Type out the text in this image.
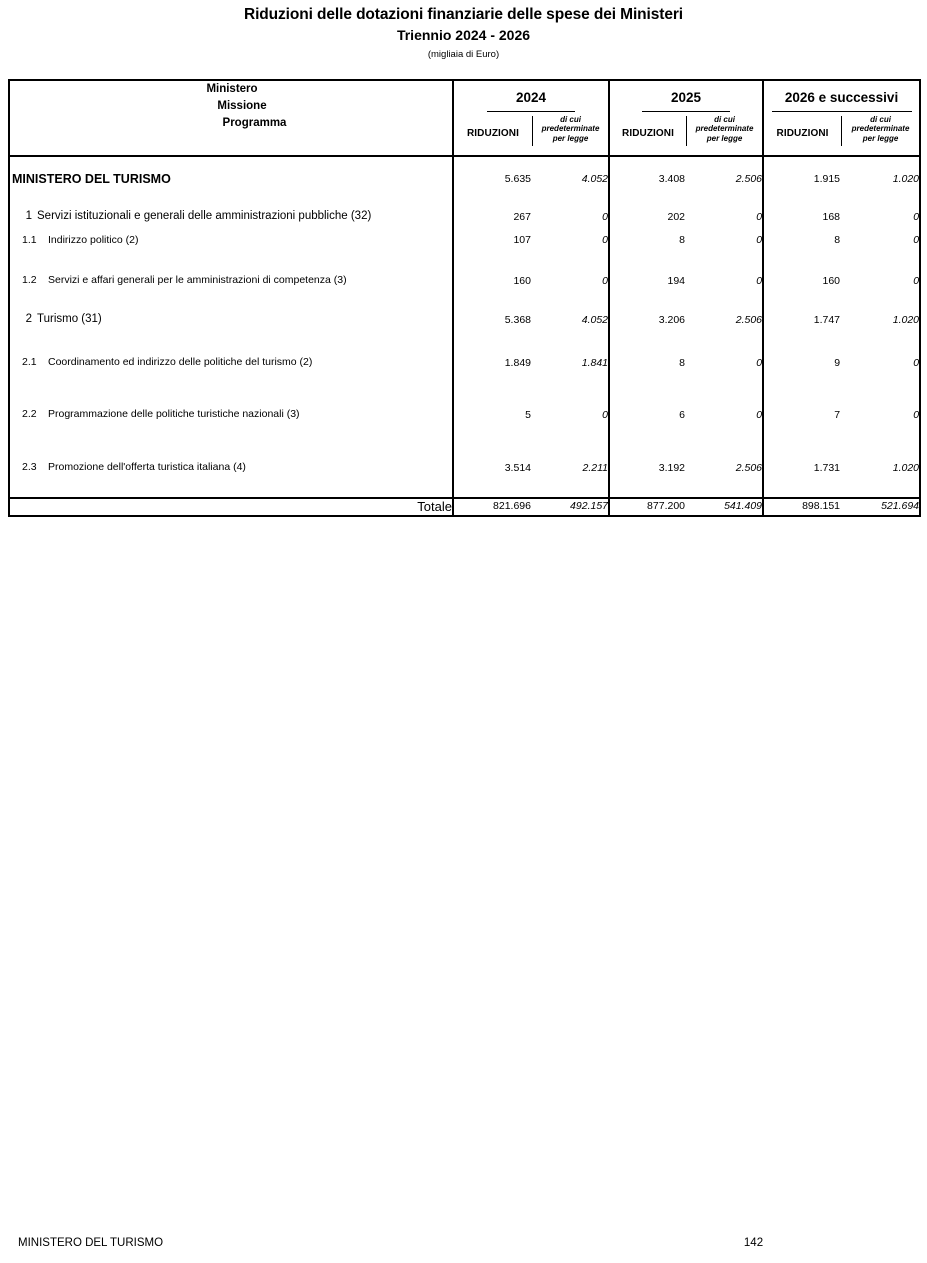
Riduzioni delle dotazioni finanziarie delle spese dei Ministeri
Triennio 2024 - 2026
(migliaia di Euro)
Ministero
Missione
Programma

2024
RIDUZIONI
di cui
predeterminate
per legge

2025
RIDUZIONI
di cui
predeterminate
per legge

2026 e successivi
RIDUZIONI
di cui
predeterminate
per legge

MINISTERO DEL TURISMO	5.635	4.052	3.408	2.506	1.915	1.020

1 Servizi istituzionali e generali delle amministrazioni pubbliche (32)	267	0	202	0	168	0

1.1 Indirizzo politico (2)	107	0	8	0	8	0

1.2 Servizi e affari generali per le amministrazioni di competenza (3)	160	0	194	0	160	0

2 Turismo (31)	5.368	4.052	3.206	2.506	1.747	1.020

2.1 Coordinamento ed indirizzo delle politiche del turismo (2)	1.849	1.841	8	0	9	0

2.2 Programmazione delle politiche turistiche nazionali (3)	5	0	6	0	7	0

2.3 Promozione dell'offerta turistica italiana (4)	3.514	2.211	3.192	2.506	1.731	1.020

Totale	821.696	492.157	877.200	541.409	898.151	521.694
MINISTERO DEL TURISMO	142
